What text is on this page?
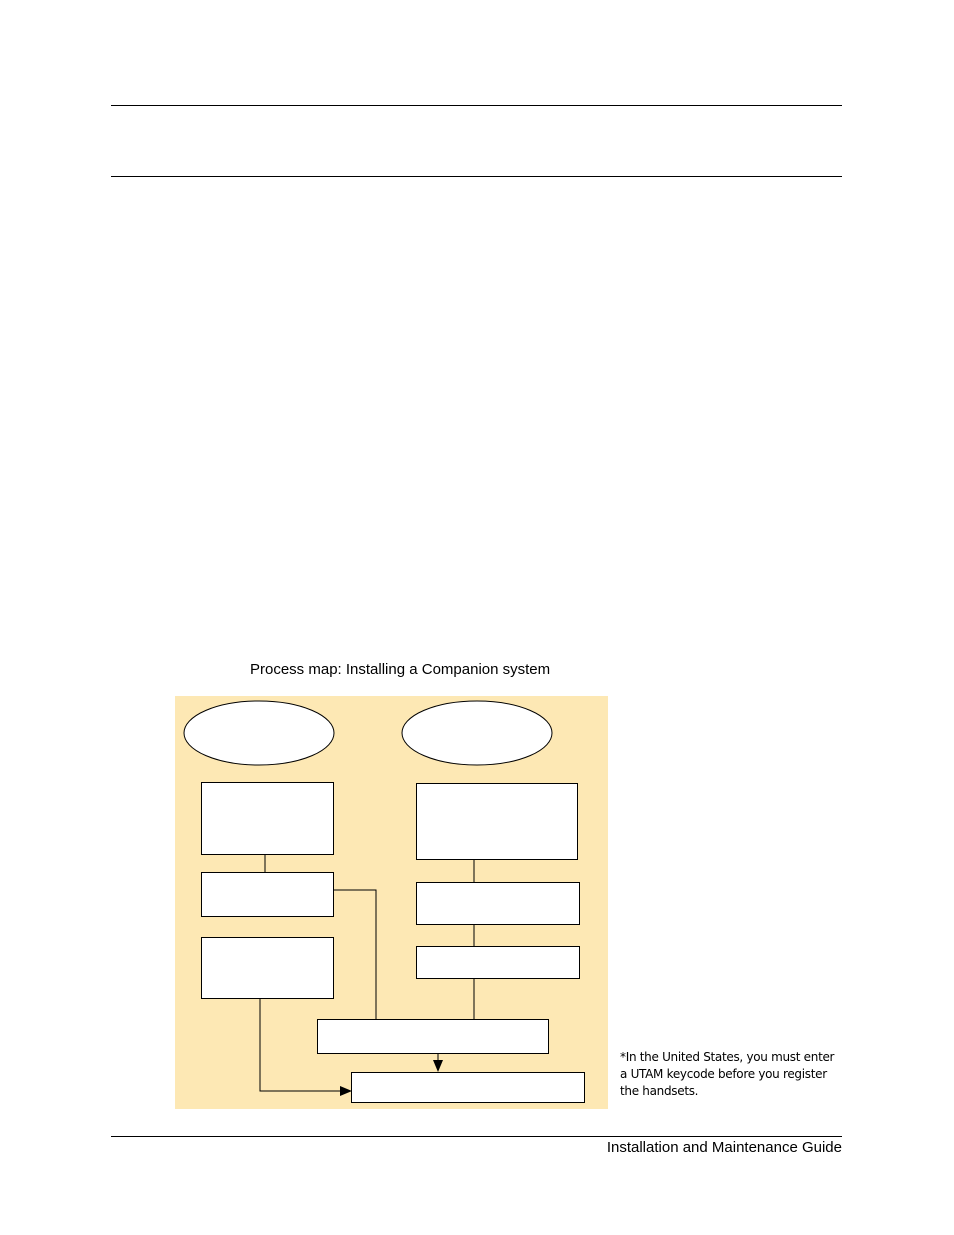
Process map: Installing a Companion system
*In the United States, you must enter
a UTAM keycode before you register
the handsets.
Installation and Maintenance Guide
